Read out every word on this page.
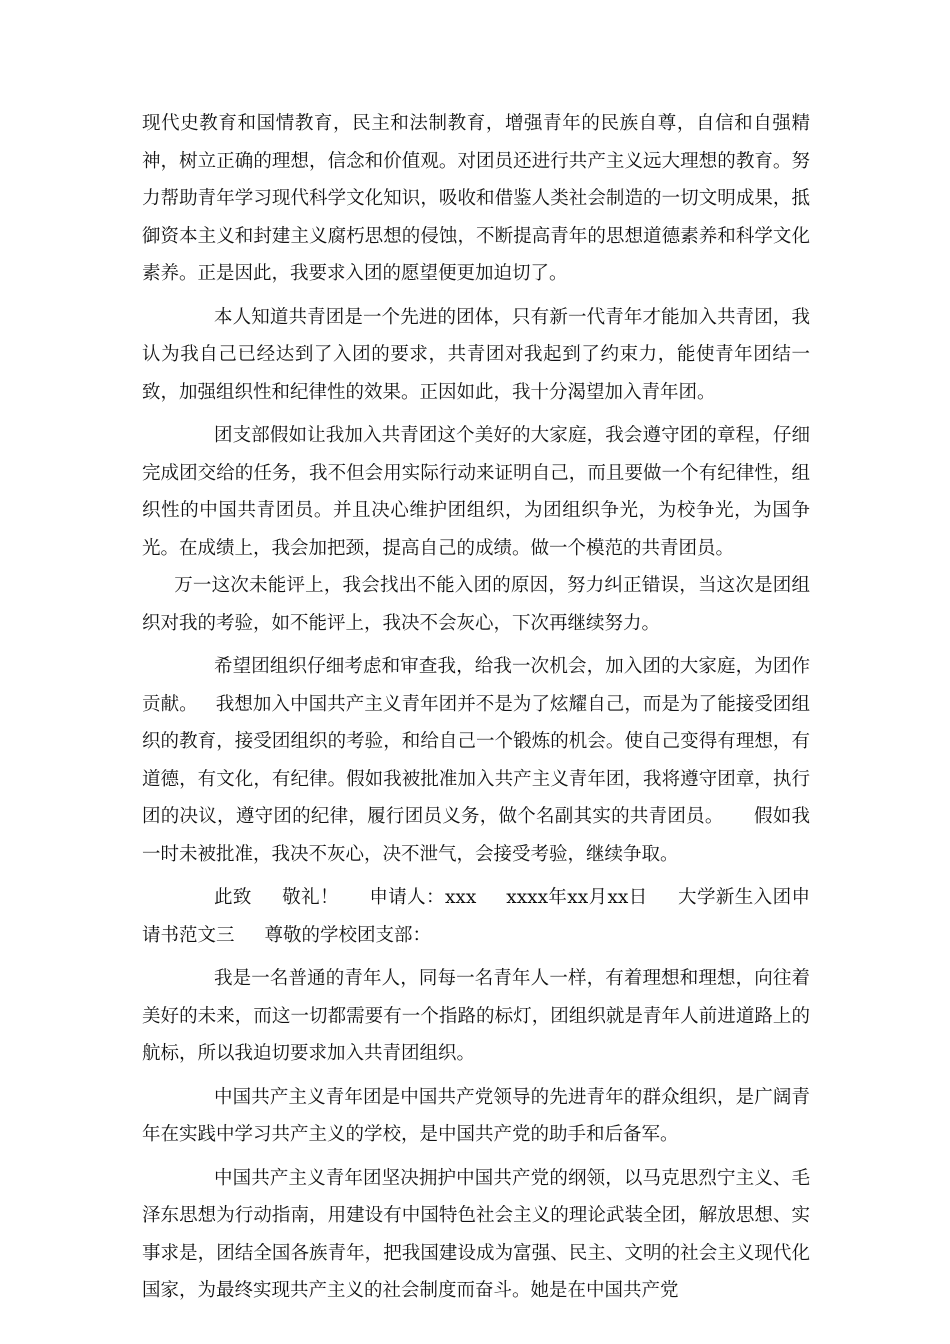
现代史教育和国情教育，民主和法制教育，增强青年的民族自尊，自信和自强精神，树立正确的理想，信念和价值观。对团员还进行共产主义远大理想的教育。努力帮助青年学习现代科学文化知识，吸收和借鉴人类社会制造的一切文明成果，抵御资本主义和封建主义腐朽思想的侵蚀，不断提高青年的思想道德素养和科学文化素养。正是因此，我要求入团的愿望便更加迫切了。

本人知道共青团是一个先进的团体，只有新一代青年才能加入共青团，我认为我自己已经达到了入团的要求，共青团对我起到了约束力，能使青年团结一致，加强组织性和纪律性的效果。正因如此，我十分渴望加入青年团。

团支部假如让我加入共青团这个美好的大家庭，我会遵守团的章程，仔细完成团交给的任务，我不但会用实际行动来证明自己，而且要做一个有纪律性，组织性的中国共青团员。并且决心维护团组织，为团组织争光，为校争光，为国争光。在成绩上，我会加把颈，提高自己的成绩。做一个模范的共青团员。
万一这次未能评上，我会找出不能入团的原因，努力纠正错误，当这次是团组织对我的考验，如不能评上，我决不会灰心，下次再继续努力。

希望团组织仔细考虑和审查我，给我一次机会，加入团的大家庭，为团作贡献。 我想加入中国共产主义青年团并不是为了炫耀自己，而是为了能接受团组织的教育，接受团组织的考验，和给自己一个锻炼的机会。使自己变得有理想，有道德，有文化，有纪律。假如我被批准加入共产主义青年团，我将遵守团章，执行团的决议，遵守团的纪律，履行团员义务，做个名副其实的共青团员。 假如我一时未被批准，我决不灰心，决不泄气，会接受考验，继续争取。

此致 敬礼！ 申请人：xxx xxxx年xx月xx日 大学新生入团申请书范文三 尊敬的学校团支部：

我是一名普通的青年人，同每一名青年人一样，有着理想和理想，向往着美好的未来，而这一切都需要有一个指路的标灯，团组织就是青年人前进道路上的航标，所以我迫切要求加入共青团组织。

中国共产主义青年团是中国共产党领导的先进青年的群众组织，是广阔青年在实践中学习共产主义的学校，是中国共产党的助手和后备军。

中国共产主义青年团坚决拥护中国共产党的纲领，以马克思烈宁主义、毛泽东思想为行动指南，用建设有中国特色社会主义的理论武装全团，解放思想、实事求是，团结全国各族青年，把我国建设成为富强、民主、文明的社会主义现代化国家，为最终实现共产主义的社会制度而奋斗。她是在中国共产党
